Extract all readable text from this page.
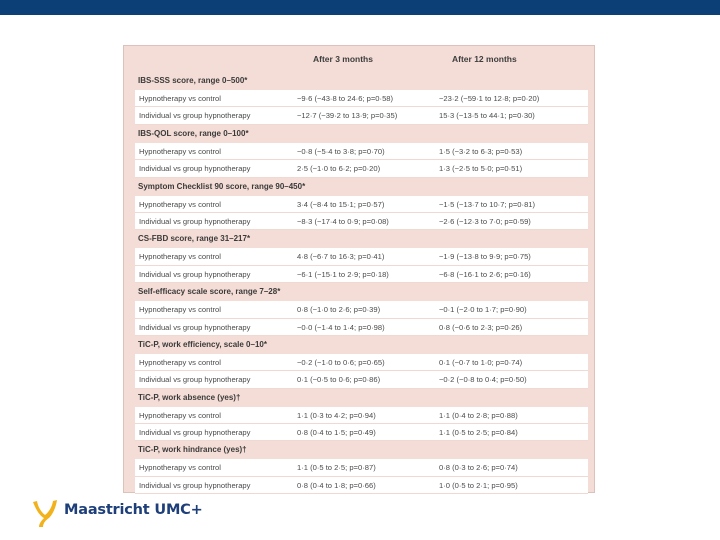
After 3 months	After 12 months
IBS-SSS score, range 0–500*
Hypnotherapy vs control	−9·6 (−43·8 to 24·6; p=0·58)	−23·2 (−59·1 to 12·8; p=0·20)
Individual vs group hypnotherapy	−12·7 (−39·2 to 13·9; p=0·35)	15·3 (−13·5 to 44·1; p=0·30)
IBS-QOL score, range 0–100*
Hypnotherapy vs control	−0·8 (−5·4 to 3·8; p=0·70)	1·5 (−3·2 to 6·3; p=0·53)
Individual vs group hypnotherapy	2·5 (−1·0 to 6·2; p=0·20)	1·3 (−2·5 to 5·0; p=0·51)
Symptom Checklist 90 score, range 90–450*
Hypnotherapy vs control	3·4 (−8·4 to 15·1; p=0·57)	−1·5 (−13·7 to 10·7; p=0·81)
Individual vs group hypnotherapy	−8·3 (−17·4 to 0·9; p=0·08)	−2·6 (−12·3 to 7·0; p=0·59)
CS-FBD score, range 31–217*
Hypnotherapy vs control	4·8 (−6·7 to 16·3; p=0·41)	−1·9 (−13·8 to 9·9; p=0·75)
Individual vs group hypnotherapy	−6·1 (−15·1 to 2·9; p=0·18)	−6·8 (−16·1 to 2·6; p=0·16)
Self-efficacy scale score, range 7–28*
Hypnotherapy vs control	0·8 (−1·0 to 2·6; p=0·39)	−0·1 (−2·0 to 1·7; p=0·90)
Individual vs group hypnotherapy	−0·0 (−1·4 to 1·4; p=0·98)	0·8 (−0·6 to 2·3; p=0·26)
TiC-P, work efficiency, scale 0–10*
Hypnotherapy vs control	−0·2 (−1·0 to 0·6; p=0·65)	0·1 (−0·7 to 1·0; p=0·74)
Individual vs group hypnotherapy	0·1 (−0·5 to 0·6; p=0·86)	−0·2 (−0·8 to 0·4; p=0·50)
TiC-P, work absence (yes)†
Hypnotherapy vs control	1·1 (0·3 to 4·2; p=0·94)	1·1 (0·4 to 2·8; p=0·88)
Individual vs group hypnotherapy	0·8 (0·4 to 1·5; p=0·49)	1·1 (0·5 to 2·5; p=0·84)
TiC-P, work hindrance (yes)†
Hypnotherapy vs control	1·1 (0·5 to 2·5; p=0·87)	0·8 (0·3 to 2·6; p=0·74)
Individual vs group hypnotherapy	0·8 (0·4 to 1·8; p=0·66)	1·0 (0·5 to 2·1; p=0·95)
Maastricht UMC+
